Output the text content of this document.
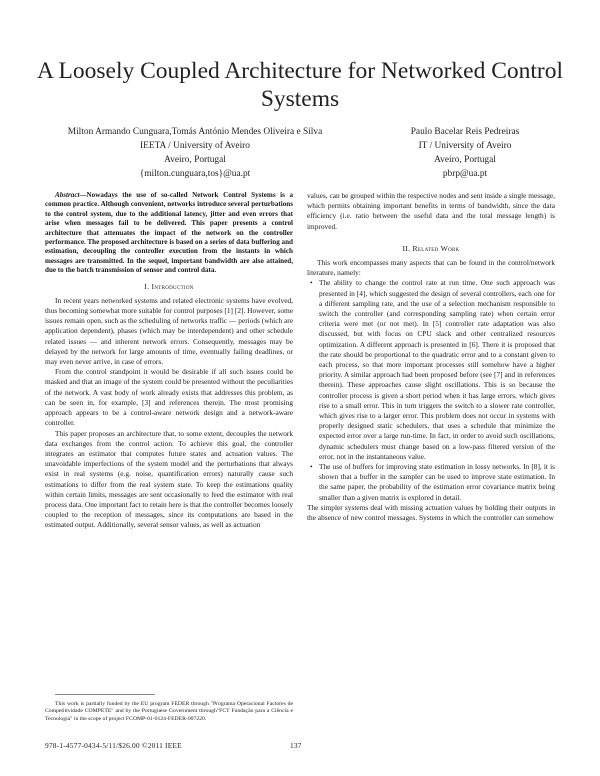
A Loosely Coupled Architecture for Networked Control Systems
Milton Armando Cunguara,Tomás António Mendes Oliveira e Silva
IEETA / University of Aveiro
Aveiro, Portugal
{milton.cunguara,tos}@ua.pt
Paulo Bacelar Reis Pedreiras
IT / University of Aveiro
Aveiro, Portugal
pbrp@ua.pt

Abstract—Nowadays the use of so-called Network Control Systems is a common practice. Although convenient, networks introduce several perturbations to the control system, due to the additional latency, jitter and even errors that arise when messages fail to be delivered. This paper presents a control architecture that attenuates the impact of the network on the controller performance. The proposed architecture is based on a series of data buffering and estimation, decoupling the controller execution from the instants in which messages are transmitted. In the sequel, important bandwidth are also attained, due to the batch transmission of sensor and control data.

I. Introduction

In recent years networked systems and related electronic systems have evolved, thus becoming somewhat more suitable for control purposes [1] [2]. However, some issues remain open, such as the scheduling of networks traffic — periods (which are application dependent), phases (which may be interdependent) and other schedule related issues — and inherent network errors. Consequently, messages may be delayed by the network for large amounts of time, eventually failing deadlines, or may even never arrive, in case of errors.

From the control standpoint it would be desirable if all such issues could be masked and that an image of the system could be presented without the peculiarities of the network. A vast body of work already exists that addresses this problem, as can be seen in, for example, [3] and references therein. The most promising approach appears to be a control-aware network design and a network-aware controller.

This paper proposes an architecture that, to some extent, decouples the network data exchanges from the control action. To achieve this goal, the controller integrates an estimator that computes future states and actuation values. The unavoidable imperfections of the system model and the perturbations that always exist in real systems (e.g. noise, quantification errors) naturally cause such estimations to differ from the real system state. To keep the estimations quality within certain limits, messages are sent occasionally to feed the estimator with real process data. One important fact to retain here is that the controller becomes loosely coupled to the reception of messages, since its computations are based in the estimated output. Additionally, several sensor values, as well as actuation

This work is partially funded by the EU program FEDER through "Programa Operacional Factores de Competitividade COMPETE" and by the Portuguese Government through"FCT Fundação para a Ciência e Tecnologia" in the scope of project FCOMP-01-0124-FEDER-007220.

values, can be grouped within the respective nodes and sent inside a single message, which permits obtaining important benefits in terms of bandwidth, since the data efficiency (i.e. ratio between the useful data and the total message length) is improved.

II. Related Work

This work encompasses many aspects that can be found in the control/network literature, namely:

• The ability to change the control rate at run time. One such approach was presented in [4], which suggested the design of several controllers, each one for a different sampling rate, and the use of a selection mechanism responsible to switch the controller (and corresponding sampling rate) when certain error criteria were met (or not met). In [5] controller rate adaptation was also discussed, but with focus on CPU slack and other centralized resources optimization. A different approach is presented in [6]. There it is proposed that the rate should be proportional to the quadratic error and to a constant given to each process, so that more important processes still somehow have a higher priority. A similar approach had been proposed before (see [7] and in references therein). These approaches cause slight oscillations. This is so because the controller process is given a short period when it has large errors, which gives rise to a small error. This in turn triggers the switch to a slower rate controller, which gives rise to a larger error. This problem does not occur in systems with properly designed static schedulers, that uses a schedule that minimize the expected error over a large run-time. In fact, in order to avoid such oscillations, dynamic schedulers must change based on a low-pass filtered version of the error, not in the instantaneous value.
• The use of buffers for improving state estimation in lossy networks. In [8], it is shown that a buffer in the sampler can be used to improve state estimation. In the same paper, the probability of the estimation error covariance matrix being smaller than a given matrix is explored in detail.

The simpler systems deal with missing actuation values by holding their outputs in the absence of new control messages. Systems in which the controller can somehow

978-1-4577-0434-5/11/$26.00 ©2011 IEEE	137
